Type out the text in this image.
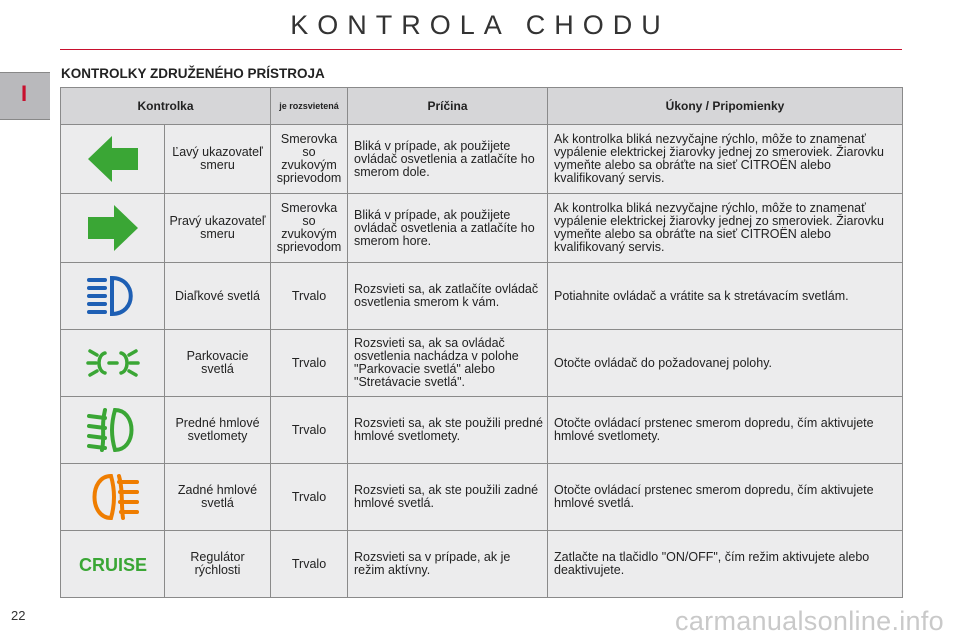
I
KONTROLA CHODU
KONTROLKY ZDRUŽENÉHO PRÍSTROJA
Kontrolka		je rozsvietená	Príčina	Úkony / Pripomienky

	Ľavý ukazovateľ smeru	Smerovka so zvukovým sprievodom	Bliká v prípade, ak použijete ovládač osvetlenia a zatlačíte ho smerom dole.	Ak kontrolka bliká nezvyčajne rýchlo, môže to znamenať vypálenie elektrickej žiarovky jednej zo smeroviek. Žiarovku vymeňte alebo sa obráťte na sieť CITROËN alebo kvalifikovaný servis.

	Pravý ukazovateľ smeru	Smerovka so zvukovým sprievodom	Bliká v prípade, ak použijete ovládač osvetlenia a zatlačíte ho smerom hore.	Ak kontrolka bliká nezvyčajne rýchlo, môže to znamenať vypálenie elektrickej žiarovky jednej zo smeroviek. Žiarovku vymeňte alebo sa obráťte na sieť CITROËN alebo kvalifikovaný servis.

	Diaľkové svetlá	Trvalo	Rozsvieti sa, ak zatlačíte ovládač osvetlenia smerom k vám.	Potiahnite ovládač a vrátite sa k stretávacím svetlám.

	Parkovacie svetlá	Trvalo	Rozsvieti sa, ak sa ovládač osvetlenia nachádza v polohe "Parkovacie svetlá" alebo "Stretávacie svetlá".	Otočte ovládač do požadovanej polohy.

	Predné hmlové svetlomety	Trvalo	Rozsvieti sa, ak ste použili predné hmlové svetlomety.	Otočte ovládací prstenec smerom dopredu, čím aktivujete hmlové svetlomety.

	Zadné hmlové svetlá	Trvalo	Rozsvieti sa, ak ste použili zadné hmlové svetlá.	Otočte ovládací prstenec smerom dopredu, čím aktivujete hmlové svetlá.

CRUISE	Regulátor rýchlosti	Trvalo	Rozsvieti sa v prípade, ak je režim aktívny.	Zatlačte na tlačidlo "ON/OFF", čím režim aktivujete alebo deaktivujete.
22	carmanualsonline.info
